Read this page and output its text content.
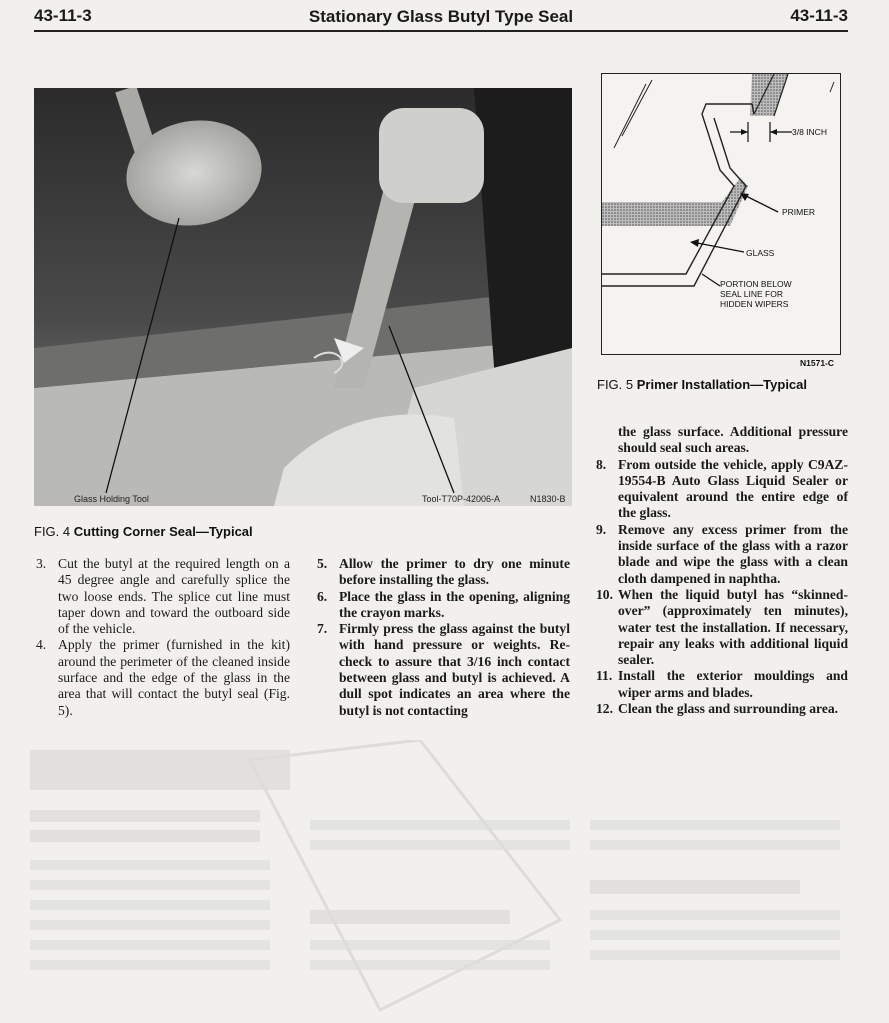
43-11-3	Stationary Glass Butyl Type Seal	43-11-3
Glass Holding Tool	Tool-T70P-42006-A	N1830-B
FIG. 4 Cutting Corner Seal—Typical
3/8 INCH
PRIMER
GLASS
PORTION BELOW
SEAL LINE FOR
HIDDEN WIPERS
N1571-C
FIG. 5 Primer Installation—Typical
3. Cut the butyl at the required length on a 45 degree angle and carefully splice the two loose ends. The splice cut line must taper down and toward the outboard side of the vehicle.
4. Apply the primer (furnished in the kit) around the perimeter of the cleaned inside surface and the edge of the glass in the area that will contact the butyl seal (Fig. 5).
5. Allow the primer to dry one minute before installing the glass.
6. Place the glass in the opening, aligning the crayon marks.
7. Firmly press the glass against the butyl with hand pressure or weights. Re-check to assure that 3/16 inch contact between glass and butyl is achieved. A dull spot indicates an area where the butyl is not contacting
the glass surface. Additional pressure should seal such areas.
8. From outside the vehicle, apply C9AZ-19554-B Auto Glass Liquid Sealer or equivalent around the entire edge of the glass.
9. Remove any excess primer from the inside surface of the glass with a razor blade and wipe the glass with a clean cloth dampened in naphtha.
10. When the liquid butyl has “skinned-over” (approximately ten minutes), water test the installation. If necessary, repair any leaks with additional liquid sealer.
11. Install the exterior mouldings and wiper arms and blades.
12. Clean the glass and surrounding area.
